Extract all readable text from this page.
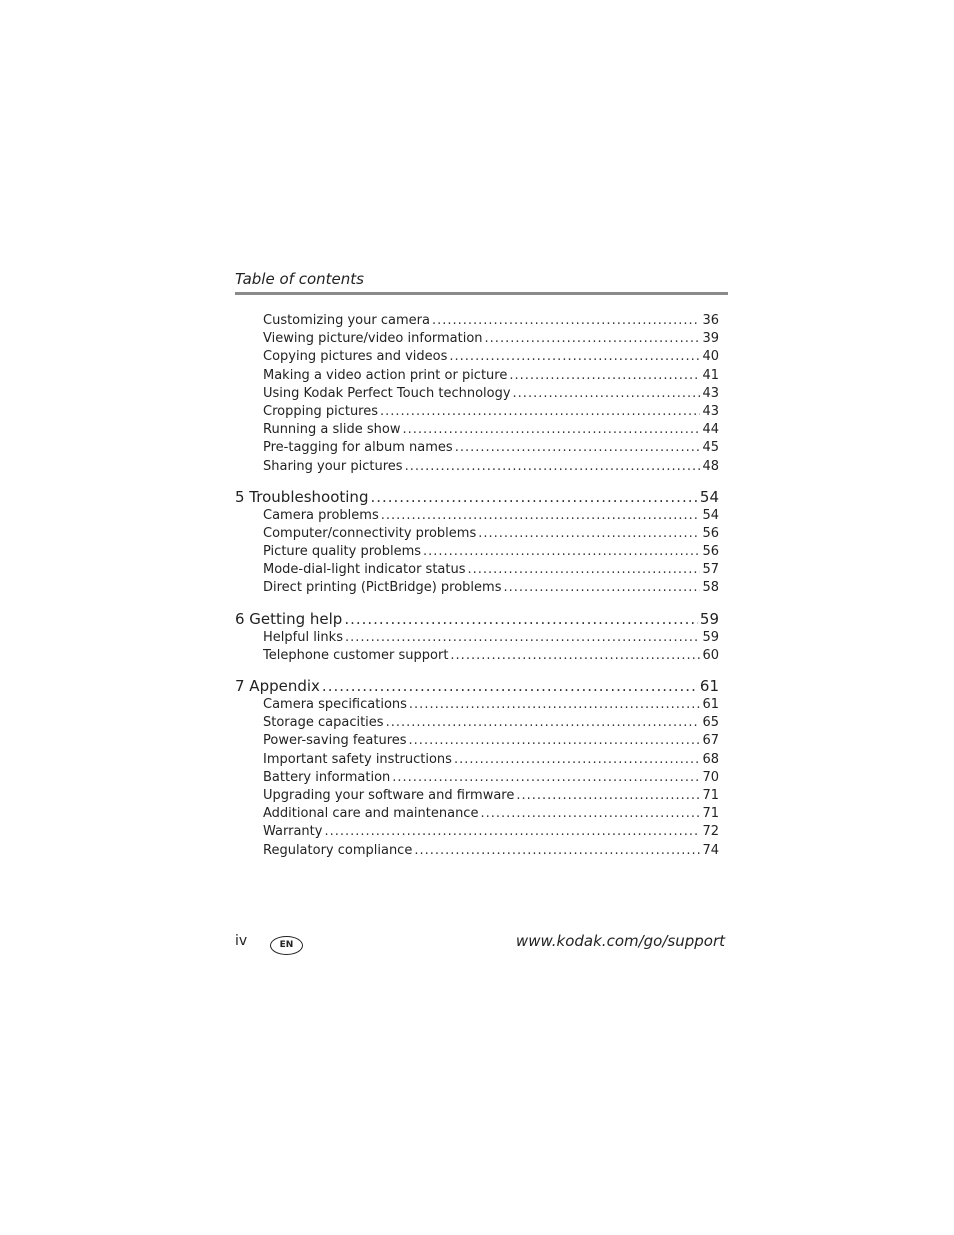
Table of contents
Customizing your camera .....	36
Viewing picture/video information .....	39
Copying pictures and videos .....	40
Making a video action print or picture .....	41
Using Kodak Perfect Touch technology .....	43
Cropping pictures .....	43
Running a slide show .....	44
Pre-tagging for album names .....	45
Sharing your pictures .....	48
5 Troubleshooting .....	54
Camera problems .....	54
Computer/connectivity problems .....	56
Picture quality problems .....	56
Mode-dial-light indicator status .....	57
Direct printing (PictBridge) problems .....	58
6 Getting help .....	59
Helpful links .....	59
Telephone customer support .....	60
7 Appendix .....	61
Camera specifications .....	61
Storage capacities .....	65
Power-saving features .....	67
Important safety instructions .....	68
Battery information .....	70
Upgrading your software and firmware .....	71
Additional care and maintenance .....	71
Warranty .....	72
Regulatory compliance .....	74
iv	EN	www.kodak.com/go/support
